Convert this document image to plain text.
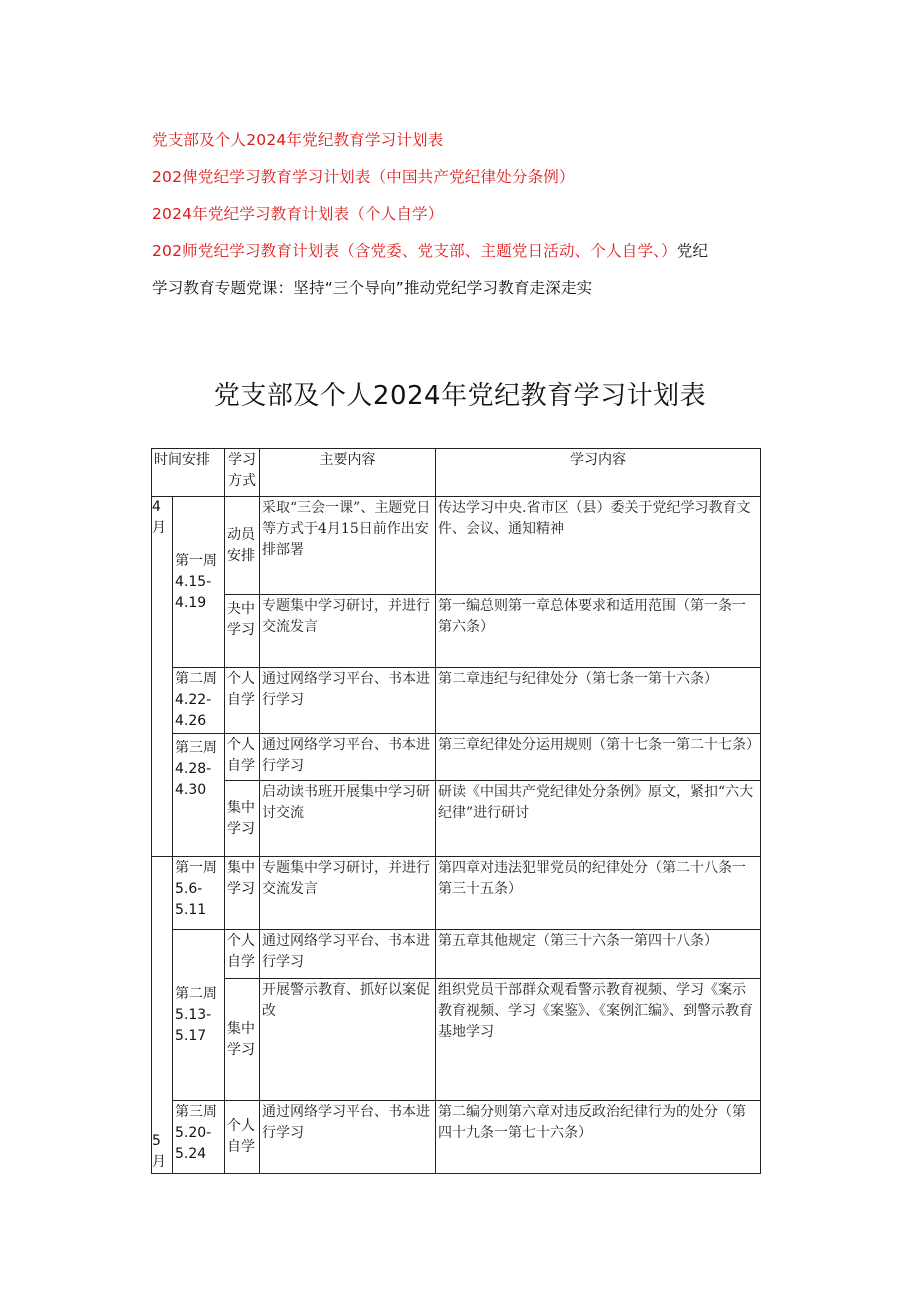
党支部及个人2024年党纪教育学习计划表
202俾党纪学习教育学习计划表（中国共产党纪律处分条例）
2024年党纪学习教育计划表（个人自学）
202师党纪学习教育计划表（含党委、党支部、主题党日活动、个人自学、）党纪
学习教育专题党课：坚持“三个导向”推动党纪学习教育走深走实
党支部及个人2024年党纪教育学习计划表
时间安排		学习方式	主要内容	学习内容
4月	第一周4.15-4.19	动员安排	采取“三会一课”、主题党日等方式于4月15日前作出安排部署	传达学习中央.省市区（县）委关于党纪学习教育文件、会议、通知精神
		夬中学习	专题集中学习研讨，并进行交流发言	第一编总则第一章总体要求和适用范围（第一条一第六条）
	第二周4.22-4.26	个人自学	通过网络学习平台、书本进行学习	第二章违纪与纪律处分（第七条一第十六条）
	第三周4.28-4.30	个人自学	通过网络学习平台、书本进行学习	第三章纪律处分运用规则（第十七条一第二十七条）
		集中学习	启动读书班开展集中学习研讨交流	研读《中国共产党纪律处分条例》原文，紧扣“六大纪律”进行研讨
5月	第一周5.6-5.11	集中学习	专题集中学习研讨，并进行交流发言	第四章对违法犯罪党员的纪律处分（第二十八条一第三十五条）
	第二周5.13-5.17	个人自学	通过网络学习平台、书本进行学习	第五章其他规定（第三十六条一第四十八条）
		集中学习	开展警示教育、抓好以案促改	组织党员干部群众观看警示教育视频、学习《案示教育视频、学习《案鉴》、《案例汇编》、到警示教育基地学习
	第三周5.20-5.24	个人自学	通过网络学习平台、书本进行学习	第二编分则第六章对违反政治纪律行为的处分（第四十九条一第七十六条）
